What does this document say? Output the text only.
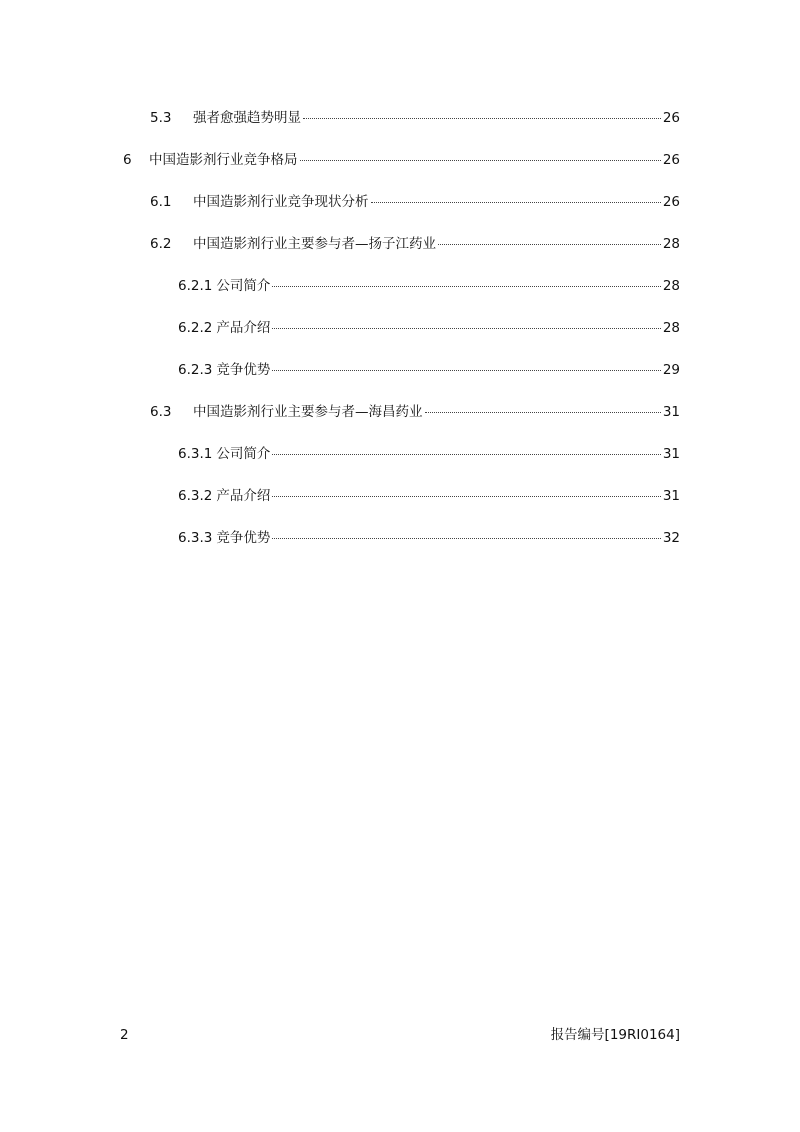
5.3	强者愈强趋势明显	26
6	中国造影剂行业竞争格局	26
6.1	中国造影剂行业竞争现状分析	26
6.2	中国造影剂行业主要参与者—扬子江药业	28
6.2.1 公司简介	28
6.2.2 产品介绍	28
6.2.3 竞争优势	29
6.3	中国造影剂行业主要参与者—海昌药业	31
6.3.1 公司简介	31
6.3.2 产品介绍	31
6.3.3 竞争优势	32
2	报告编号[19RI0164]
